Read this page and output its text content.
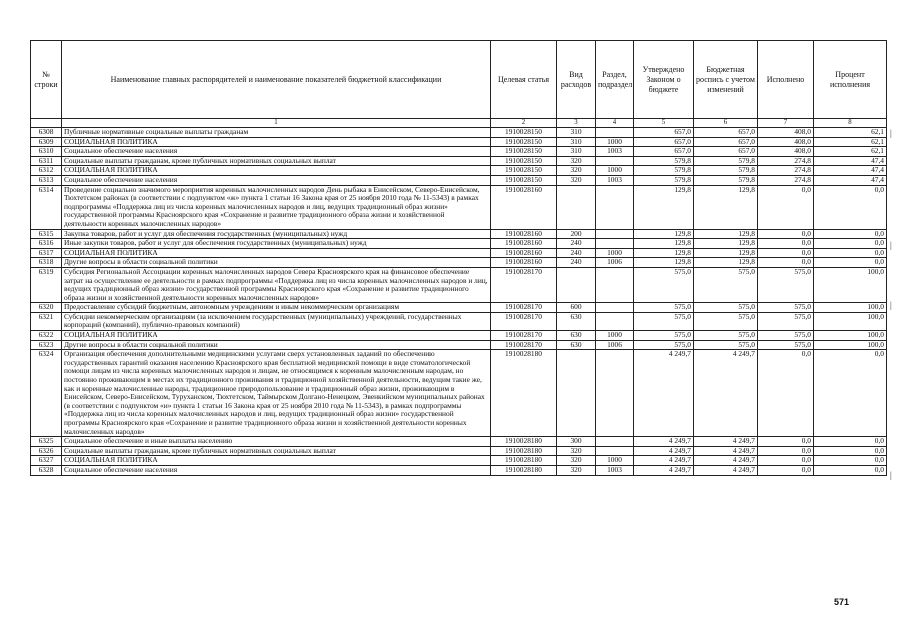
№ строки	Наименование главных распорядителей и наименование показателей бюджетной классификации	Целевая статья	Вид расходов	Раздел, подраздел	Утверждено Законом о бюджете	Бюджетная роспись с учетом изменений	Исполнено	Процент исполнения
	1	2	3	4	5	6	7	8
6308	Публичные нормативные социальные выплаты гражданам	1910028150	310		657,0	657,0	408,0	62,1
6309	СОЦИАЛЬНАЯ ПОЛИТИКА	1910028150	310	1000	657,0	657,0	408,0	62,1
6310	Социальное обеспечение населения	1910028150	310	1003	657,0	657,0	408,0	62,1
6311	Социальные выплаты гражданам, кроме публичных нормативных социальных выплат	1910028150	320		579,8	579,8	274,8	47,4
6312	СОЦИАЛЬНАЯ ПОЛИТИКА	1910028150	320	1000	579,8	579,8	274,8	47,4
6313	Социальное обеспечение населения	1910028150	320	1003	579,8	579,8	274,8	47,4
6314	Проведение социально значимого мероприятия коренных малочисленных народов День рыбака в Енисейском, Северо-Енисейском, Тюхтетском районах (в соответствии с подпунктом «ж» пункта 1 статьи 16 Закона края от 25 ноября 2010 года № 11-5343) в рамках подпрограммы «Поддержка лиц из числа коренных малочисленных народов и лиц, ведущих традиционный образ жизни» государственной программы Красноярского края «Сохранение и развитие традиционного образа жизни и хозяйственной деятельности коренных малочисленных народов»	1910028160			129,8	129,8	0,0	0,0
6315	Закупка товаров, работ и услуг для обеспечения государственных (муниципальных) нужд	1910028160	200		129,8	129,8	0,0	0,0
6316	Иные закупки товаров, работ и услуг для обеспечения государственных (муниципальных) нужд	1910028160	240		129,8	129,8	0,0	0,0
6317	СОЦИАЛЬНАЯ ПОЛИТИКА	1910028160	240	1000	129,8	129,8	0,0	0,0
6318	Другие вопросы в области социальной политики	1910028160	240	1006	129,8	129,8	0,0	0,0
6319	Субсидия Региональной Ассоциации коренных малочисленных народов Севера Красноярского края на финансовое обеспечение затрат на осуществление ее деятельности в рамках подпрограммы «Поддержка лиц из числа коренных малочисленных народов и лиц, ведущих традиционный образ жизни» государственной программы Красноярского края «Сохранение и развитие традиционного образа жизни и хозяйственной деятельности коренных малочисленных народов»	1910028170			575,0	575,0	575,0	100,0
6320	Предоставление субсидий бюджетным, автономным учреждениям и иным некоммерческим организациям	1910028170	600		575,0	575,0	575,0	100,0
6321	Субсидии некоммерческим организациям (за исключением государственных (муниципальных) учреждений, государственных корпораций (компаний), публично-правовых компаний)	1910028170	630		575,0	575,0	575,0	100,0
6322	СОЦИАЛЬНАЯ ПОЛИТИКА	1910028170	630	1000	575,0	575,0	575,0	100,0
6323	Другие вопросы в области социальной политики	1910028170	630	1006	575,0	575,0	575,0	100,0
6324	Организация обеспечения дополнительными медицинскими услугами сверх установленных заданий по обеспечению государственных гарантий оказания населению Красноярского края бесплатной медицинской помощи в виде стоматологической помощи лицам из числа коренных малочисленных народов и лицам, не относящимся к коренным малочисленным народам, но постоянно проживающим в местах их традиционного проживания и традиционной хозяйственной деятельности, ведущим такие же, как и коренные малочисленные народы, традиционное природопользование и традиционный образ жизни, проживающим в Енисейском, Северо-Енисейском, Туруханском, Тюхтетском, Таймырском Долгано-Ненецком, Эвенкийском муниципальных районах (в соответствии с подпунктом «и» пункта 1 статьи 16 Закона края от 25 ноября 2010 года № 11-5343), в рамках подпрограммы «Поддержка лиц из числа коренных малочисленных народов и лиц, ведущих традиционный образ жизни» государственной программы Красноярского края «Сохранение и развитие традиционного образа жизни и хозяйственной деятельности коренных малочисленных народов»	1910028180			4 249,7	4 249,7	0,0	0,0
6325	Социальное обеспечение и иные выплаты населению	1910028180	300		4 249,7	4 249,7	0,0	0,0
6326	Социальные выплаты гражданам, кроме публичных нормативных социальных выплат	1910028180	320		4 249,7	4 249,7	0,0	0,0
6327	СОЦИАЛЬНАЯ ПОЛИТИКА	1910028180	320	1000	4 249,7	4 249,7	0,0	0,0
6328	Социальное обеспечение населения	1910028180	320	1003	4 249,7	4 249,7	0,0	0,0
|
|
|
|
571
